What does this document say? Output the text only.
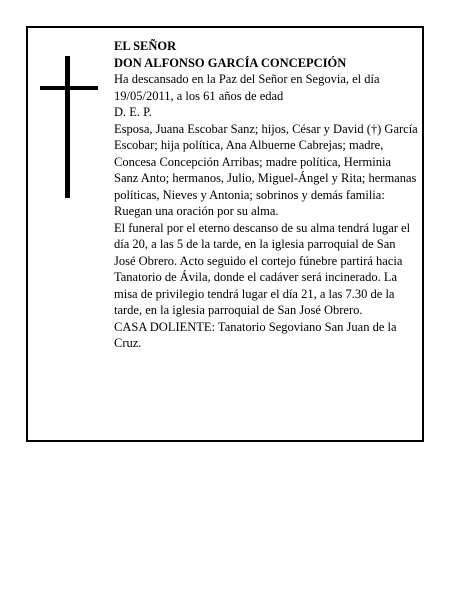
EL SEÑOR

DON ALFONSO GARCÍA CONCEPCIÓN

Ha descansado en la Paz del Señor en Segovia, el día 19/05/2011, a los 61 años de edad

D. E. P.

Esposa, Juana Escobar Sanz; hijos, César y David (†) García Escobar; hija política, Ana Albuerne Cabrejas; madre, Concesa Concepción Arribas; madre política, Herminia Sanz Anto; hermanos, Julio, Miguel-Ángel y Rita; hermanas políticas, Nieves y Antonia; sobrinos y demás familia:

Ruegan una oración por su alma.

El funeral por el eterno descanso de su alma tendrá lugar el día 20, a las 5 de la tarde, en la iglesia parroquial de San José Obrero. Acto seguido el cortejo fúnebre partirá hacia Tanatorio de Ávila, donde el cadáver será incinerado. La misa de privilegio tendrá lugar el día 21, a las 7.30 de la tarde, en la iglesia parroquial de San José Obrero.

CASA DOLIENTE: Tanatorio Segoviano San Juan de la Cruz.
